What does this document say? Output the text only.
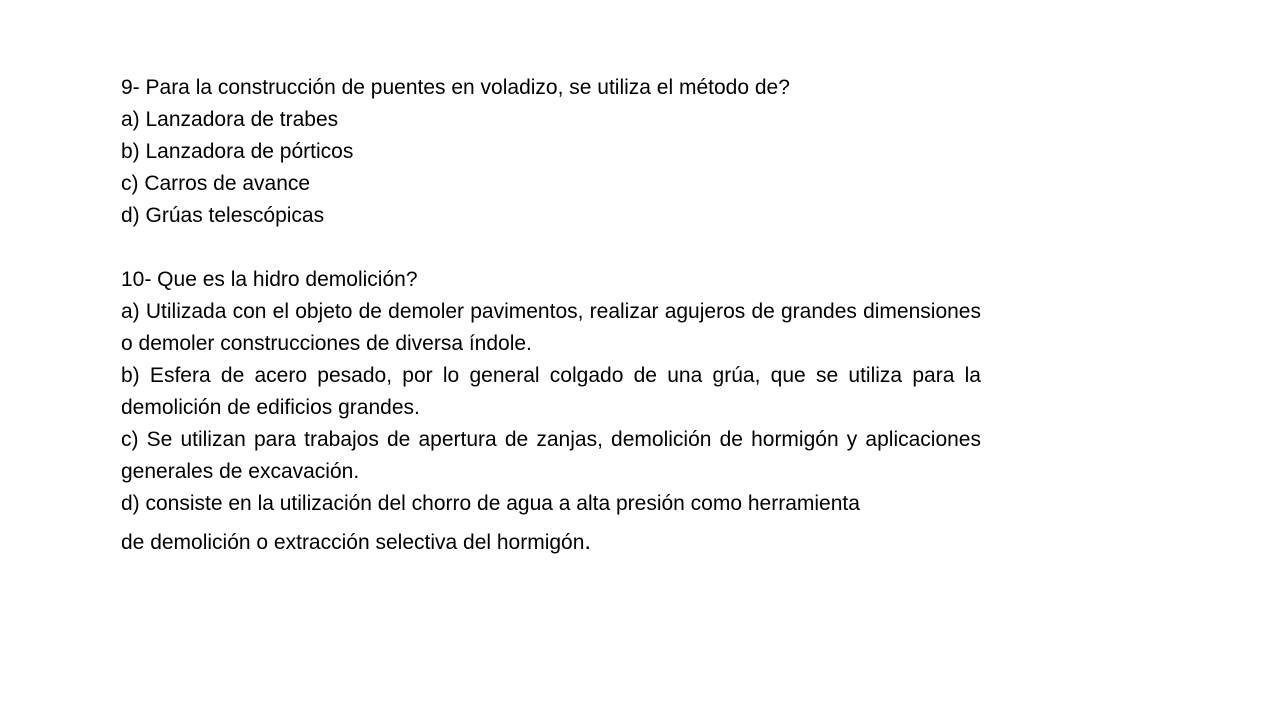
9- Para la construcción de puentes en voladizo, se utiliza el método de?
a) Lanzadora de trabes
b) Lanzadora de pórticos
c) Carros de avance
d) Grúas telescópicas
10- Que es la hidro demolición?
a) Utilizada con el objeto de demoler pavimentos, realizar agujeros de grandes dimensiones o demoler construcciones de diversa índole.
b) Esfera de acero pesado, por lo general colgado de una grúa, que se utiliza para la demolición de edificios grandes.
c) Se utilizan para trabajos de apertura de zanjas, demolición de hormigón y aplicaciones generales de excavación.
d) consiste en la utilización del chorro de agua a alta presión como herramienta
de demolición o extracción selectiva del hormigón.
